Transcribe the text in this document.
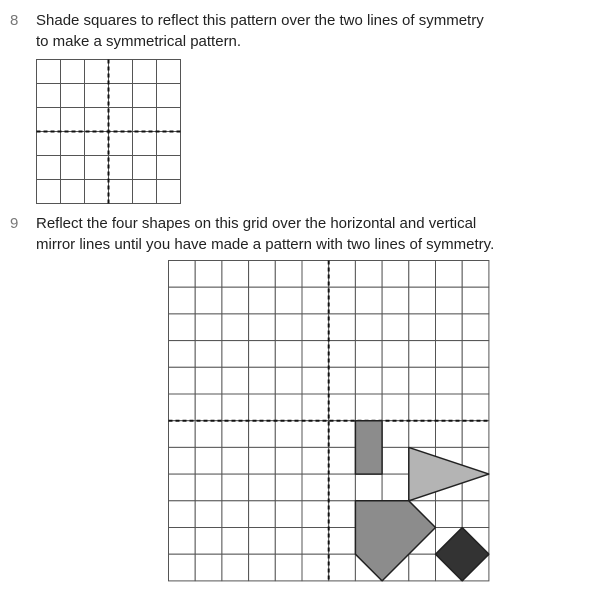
8	Shade squares to reflect this pattern over the two lines of symmetry
to make a symmetrical pattern.
9	Reflect the four shapes on this grid over the horizontal and vertical
mirror lines until you have made a pattern with two lines of symmetry.
